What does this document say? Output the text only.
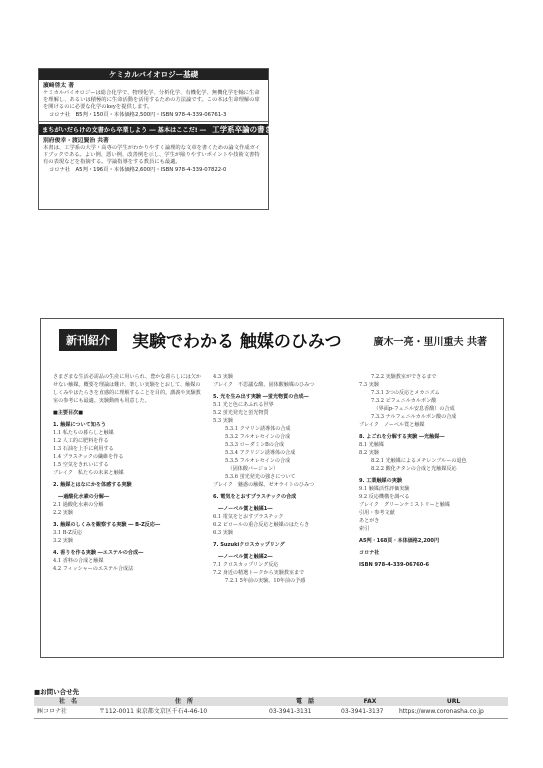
ケミカルバイオロジー基礎
濵﨑啓太 著
ケミカルバイオロジーは総合化学で、物理化学、分析化学、有機化学、無機化学を軸に生命を理解し、あるいは積極的に生命活動を活用するための方法論です。この本は生命理解の扉を開けるのに必要な化学のkeyを提供します。
コロナ社　B5判・150頁・本体価格2,500円・ISBN 978-4-339-06761-3
まちがいだらけの文書から卒業しよう ― 基本はここだ! ― 工学系卒論の書き方
別府俊幸・渡辺賢治 共著
本書は、工学系の大学・高専の学生がわかりやすく論理的な文章を書くための論文作成ガイドブックである。よい例、悪い例、改善例を示し、学生が陥りやすいポイントや技術文書特有の表現などを指摘する。学論指導をする教員にも最適。
コロナ社　A5判・196頁・本体価格2,600円・ISBN 978-4-339-07822-0
新刊紹介	実験でわかる 触媒のひみつ	廣木一亮・里川重夫 共著
さまざまな生活必需品の生産に用いられ、豊かな暮らしには欠かせない触媒。概要を理論は難け、楽しい実験をとおして、触媒のしくみやはたらきを直感的に理解することを目的。講義や実験教室の参考にも最適。実験動画も用意した。
■主要目次■
1. 触媒について知ろう
1.1 私たちの暮らしと触媒
1.2 人工的に肥料を作る
1.3 石油を上手に利用する
1.4 プラスチックの繊維を作る
1.5 空気をきれいにする
ブレイク　私たちの未来と触媒
2. 触媒とはなにかを体感する実験
　―過酸化水素の分解―
2.1 過酸化水素の分解
2.2 実験
3. 触媒のしくみを観察する実験 ― B-Z反応―
3.1 B-Z反応
3.2 実験
4. 香りを作る実験 ―エステルの合成―
4.1 香料の合成と触媒
4.2 フィッシャーのエステル合成法
4.3 実験
ブレイク　不思議な酸、固体酸触媒のひみつ
5. 光を生み出す実験 ―蛍光物質の合成―
5.1 光と色にあふれる世界
5.2 蛍光発光と蛍光物質
5.3 実験
5.3.1 クマリン誘導体の合成
5.3.2 フルオレセインの合成
5.3.3 ローダミンBの合成
5.3.4 アクリジン誘導体の合成
5.3.5 フルオレセインの合成
　（固体酸バージョン）
5.3.6 蛍光発光の強さについて
ブレイク　魅惑の触媒、ゼオライトのひみつ
6. 電気をとおすプラスチックの合成
　―ノーベル賞と触媒1―
6.1 電気をとおすプラスチック
6.2 ピロールの重合反応と触媒のはたらき
6.3 実験
7. Suzukiクロスカップリング
　―ノーベル賞と触媒2―
7.1 クロスカップリング反応
7.2 身近の精選トークから実験教室まで
7.2.1 5年前の実験、10年前の予感
7.2.2 実験教室ができるまで
7.3 実験
7.3.1 3つの反応とメカニズム
7.3.2 ビフェニルカルボン酸
　（界面p-フェニル安息香酸）の合成
7.3.3 ナルフェニルカルボン酸の合成
ブレイク　ノーベル賞と触媒
8. よごれを分解する実験 ―光触媒―
8.1 光触媒
8.2 実験
8.2.1 光触媒によるメチレンブルーの退色
8.2.2 酸化チタンの合成と光触媒反応
9. 工業触媒の実験
9.1 触媒活性評価実験
9.2 反応機構を調べる
ブレイク　グリーンケミストリーと触媒
引用・参考文献
あとがき
索引
A5判・168頁・本体価格2,200円
コロナ社
ISBN 978-4-339-06760-6
■お問い合せ先
社　名	住　所	電　話	FAX	URL
㈱コロナ社	〒112-0011 東京都文京区千石4-46-10	03-3941-3131	03-3941-3137	https://www.coronasha.co.jp
